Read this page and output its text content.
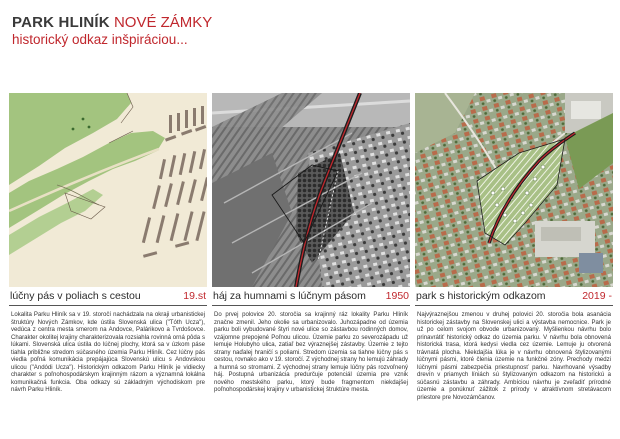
PARK HLINÍK NOVÉ ZÁMKY
historický odkaz inšpiráciou...
lúčny pás v poliach s cestou	19.st háj za humnami s lúčnym pásom 1950 park s historickým odkazom	2019 -

Lokalita Parku Hliník sa v 19. storočí nachádzala na okraji urbanistickej štruktúry Nových Zámkov, kde ústila Slovenská ulica ("Tóth Ucza"), vedúca z centra mesta smerom na Andovce, Palárikovo a Tvrdošovce. Charakter okolitej krajiny charakterizovala rozsiahla rovinná orná pôda s lúkami. Slovenská ulica ústila do lúčnej plochy, ktorá sa v úzkom páse tiahla približne stredom súčasného územia Parku Hliník. Cez lúčny pás viedla poľná komunikácia prepájajúca Slovenskú ulicu s Andovskou ulicou ("Andódi Ucza"). Historickým odkazom Parku Hliník je vidiecky charakter s poľnohospodárskym krajinným rázom a významná lokálna komunikačná funkcia. Oba odkazy sú základným východiskom pre návrh Parku Hliník.

Do prvej polovice 20. storočia sa krajinný ráz lokality Parku Hliník značne zmenil. Jeho okolie sa urbanizovalo. Juhozápadne od územia parku boli vybudované štyri nové ulice so zástavbou rodinných domov, vzájomne prepojené Poľnou ulicou. Územie parku zo severozápadu už lemuje Holubyho ulica, zatiaľ bez výraznejšej zástavby. Územie z tejto strany naďalej hraničí s poliami. Stredom územia sa tiahne lúčny pás s cestou, rovnako ako v 19. storočí. Z východnej strany ho lemujú záhrady a humná so stromami. Z východnej strany lemuje lúčny pás rozvoľnený háj. Postupná urbanizácia predurčuje potenciál územia pre vznik nového mestského parku, ktorý bude fragmentom niekdajšej poľnohospodárskej krajiny v urbanistickej štruktúre mesta.

Najvýraznejšou zmenou v druhej polovici 20. storočia bola asanácia historickej zástavby na Slovenskej ulici a výstavba nemocnice. Park je už po celom svojom obvode urbanizovaný. Myšlienkou návrhu bolo prinavrátiť historický odkaz do územia parku. V návrhu bola obnovená historická trasa, ktorá kedysi viedla cez územie. Lemuje ju otvorená trávnatá plocha. Niekdajšia lúka je v návrhu obnovená štylizovanými lúčnymi pásmi, ktoré členia územie na funkčné zóny. Prechody medzi lúčnymi pásmi zabezpečia priestupnosť parku. Navrhované výsadby drevín v priamych líniách sú štylizovaným odkazom na historickú a súčasnú zástavbu a záhrady. Ambíciou návrhu je zveľadiť prírodné územie a ponúknuť zážitok z prírody v atraktívnom stretávacom priestore pre Novozámčanov.
